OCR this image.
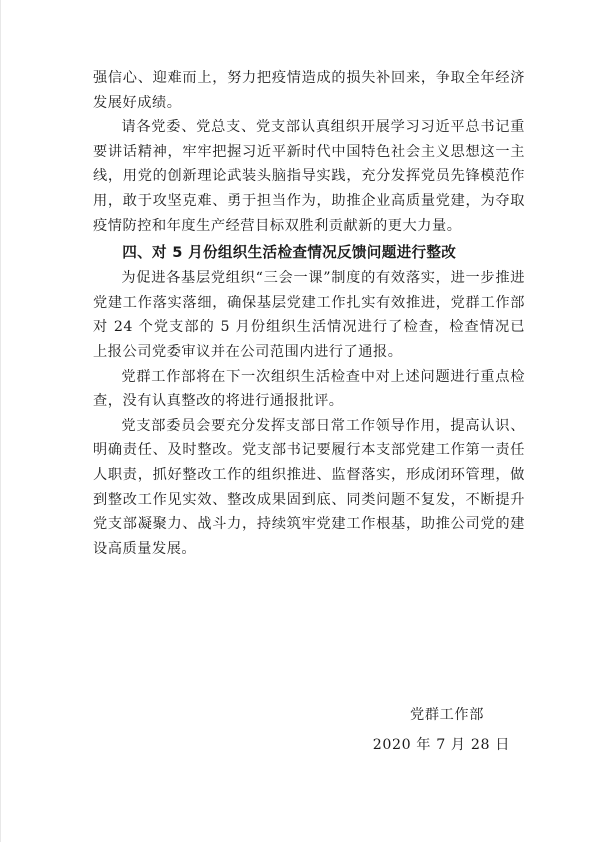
强信心、迎难而上，努力把疫情造成的损失补回来，争取全年经济发展好成绩。

请各党委、党总支、党支部认真组织开展学习习近平总书记重要讲话精神，牢牢把握习近平新时代中国特色社会主义思想这一主线，用党的创新理论武装头脑指导实践，充分发挥党员先锋模范作用，敢于攻坚克难、勇于担当作为，助推企业高质量党建，为夺取疫情防控和年度生产经营目标双胜利贡献新的更大力量。

四、对 5 月份组织生活检查情况反馈问题进行整改

为促进各基层党组织“三会一课”制度的有效落实，进一步推进党建工作落实落细，确保基层党建工作扎实有效推进，党群工作部对 24 个党支部的 5 月份组织生活情况进行了检查，检查情况已上报公司党委审议并在公司范围内进行了通报。

党群工作部将在下一次组织生活检查中对上述问题进行重点检查，没有认真整改的将进行通报批评。

党支部委员会要充分发挥支部日常工作领导作用，提高认识、明确责任、及时整改。党支部书记要履行本支部党建工作第一责任人职责，抓好整改工作的组织推进、监督落实，形成闭环管理，做到整改工作见实效、整改成果固到底、同类问题不复发，不断提升党支部凝聚力、战斗力，持续筑牢党建工作根基，助推公司党的建设高质量发展。

党群工作部
2020 年 7 月 28 日
